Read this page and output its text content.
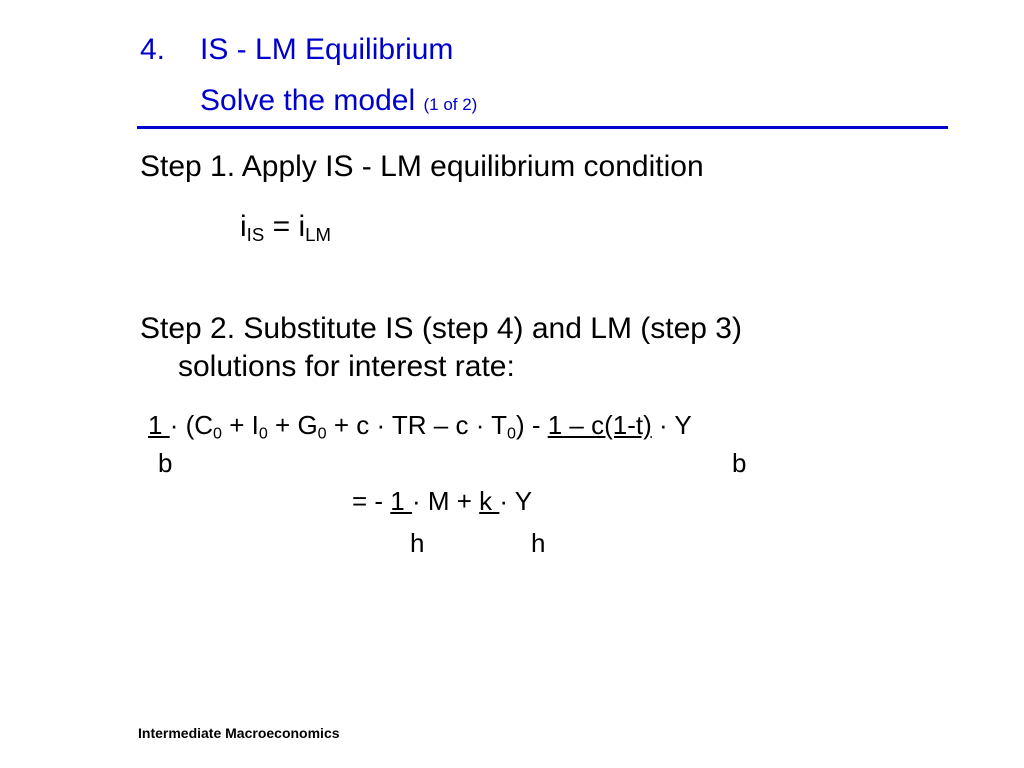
4. IS - LM Equilibrium
Solve the model (1 of 2)
Step 1. Apply IS - LM equilibrium condition
$i_{IS} = i_{LM}$
Step 2. Substitute IS (step 4) and LM (step 3)
solutions for interest rate:
$1 \cdot (C_0 + I_0 + G_0 + c$ · TR – $c \cdot T_0) - 1 - c(1-t) \cdot Y$
b	b
= - 1 · M + k · Y
h	h
Intermediate Macroeconomics
